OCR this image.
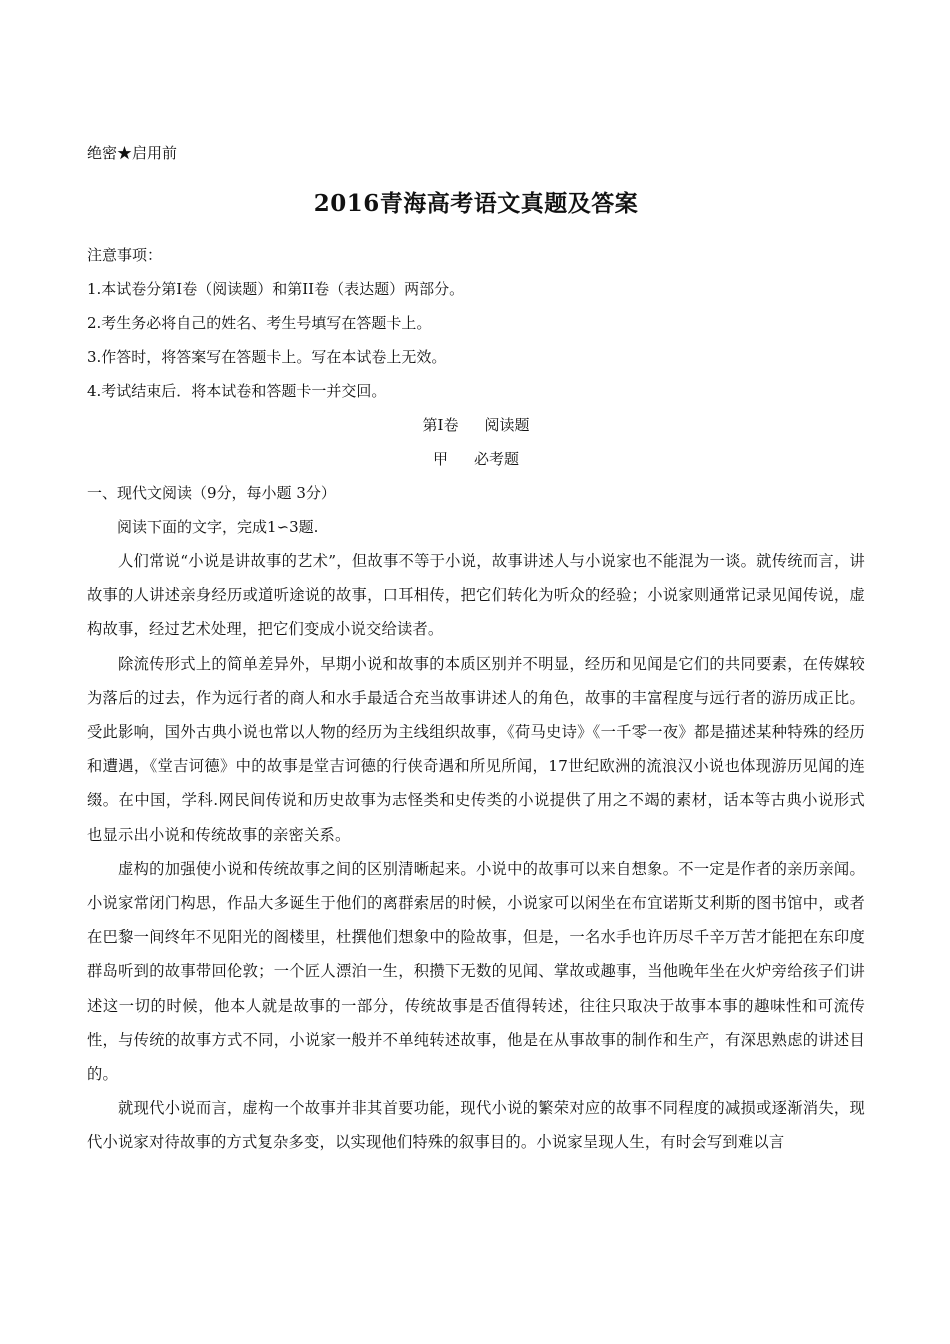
绝密★启用前

2016青海高考语文真题及答案

注意事项：

1.本试卷分第I卷（阅读题）和第II卷（表达题）两部分。

2.考生务必将自己的姓名、考生号填写在答题卡上。

3.作答时，将答案写在答题卡上。写在本试卷上无效。

4.考试结束后．将本试卷和答题卡一并交回。

第I卷 阅读题

甲 必考题

一、现代文阅读（9分，每小题 3分）

阅读下面的文字，完成1∽3题.

人们常说“小说是讲故事的艺术”，但故事不等于小说，故事讲述人与小说家也不能混为一谈。就传统而言，讲故事的人讲述亲身经历或道听途说的故事，口耳相传，把它们转化为听众的经验；小说家则通常记录见闻传说，虚构故事，经过艺术处理，把它们变成小说交给读者。

除流传形式上的简单差异外，早期小说和故事的本质区别并不明显，经历和见闻是它们的共同要素，在传媒较为落后的过去，作为远行者的商人和水手最适合充当故事讲述人的角色，故事的丰富程度与远行者的游历成正比。受此影响，国外古典小说也常以人物的经历为主线组织故事，《荷马史诗》《一千零一夜》都是描述某种特殊的经历和遭遇，《堂吉诃德》中的故事是堂吉诃德的行侠奇遇和所见所闻，17世纪欧洲的流浪汉小说也体现游历见闻的连缀。在中国，学科.网民间传说和历史故事为志怪类和史传类的小说提供了用之不竭的素材，话本等古典小说形式也显示出小说和传统故事的亲密关系。

虚构的加强使小说和传统故事之间的区别清晰起来。小说中的故事可以来自想象。不一定是作者的亲历亲闻。小说家常闭门构思，作品大多诞生于他们的离群索居的时候，小说家可以闲坐在布宜诺斯艾利斯的图书馆中，或者在巴黎一间终年不见阳光的阁楼里，杜撰他们想象中的险故事，但是，一名水手也许历尽千辛万苦才能把在东印度群岛听到的故事带回伦敦；一个匠人漂泊一生，积攒下无数的见闻、掌故或趣事，当他晚年坐在火炉旁给孩子们讲述这一切的时候，他本人就是故事的一部分，传统故事是否值得转述，往往只取决于故事本事的趣味性和可流传性，与传统的故事方式不同，小说家一般并不单纯转述故事，他是在从事故事的制作和生产，有深思熟虑的讲述目的。

就现代小说而言，虚构一个故事并非其首要功能，现代小说的繁荣对应的故事不同程度的减损或逐渐消失，现代小说家对待故事的方式复杂多变，以实现他们特殊的叙事目的。小说家呈现人生，有时会写到难以言
